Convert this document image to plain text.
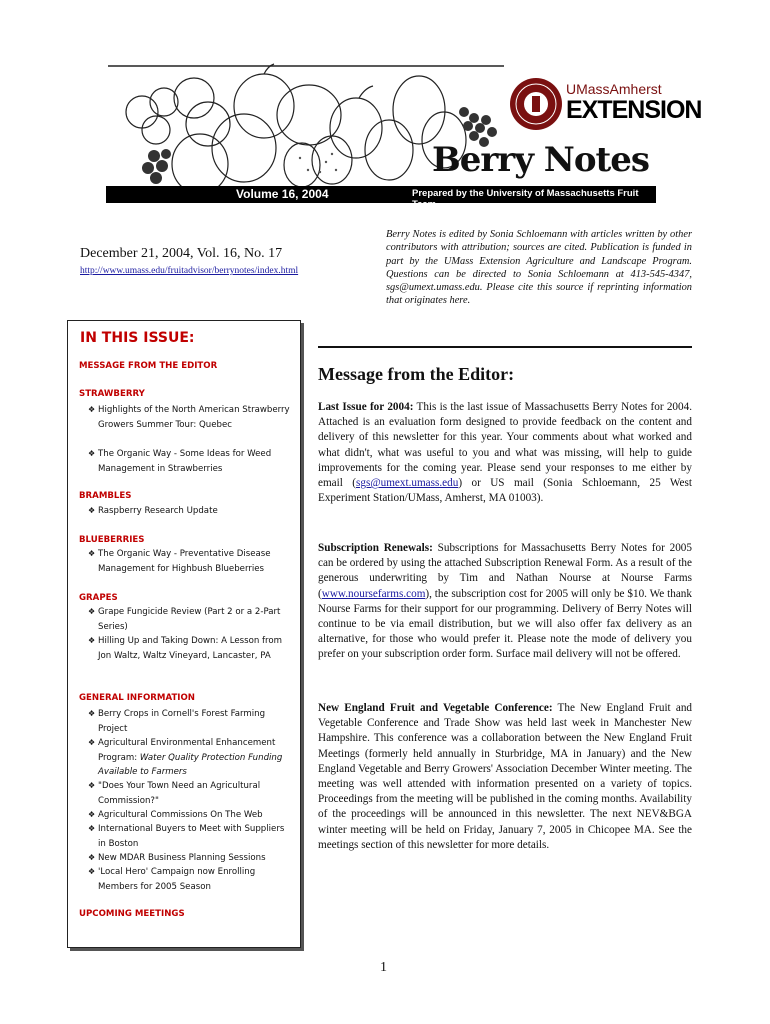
UMassAmherst
EXTENSION
Berry Notes
Volume 16, 2004	Prepared by the University of Massachusetts Fruit Team
December 21, 2004, Vol. 16, No. 17
http://www.umass.edu/fruitadvisor/berrynotes/index.html
Berry Notes is edited by Sonia Schloemann with articles written by other contributors with attribution; sources are cited. Publication is funded in part by the UMass Extension Agriculture and Landscape Program. Questions can be directed to Sonia Schloemann at 413-545-4347, sgs@umext.umass.edu. Please cite this source if reprinting information that originates here.
IN THIS ISSUE:
MESSAGE FROM THE EDITOR
STRAWBERRY
❖ Highlights of the North American Strawberry Growers Summer Tour: Quebec
❖ The Organic Way - Some Ideas for Weed Management in Strawberries
BRAMBLES
❖ Raspberry Research Update
BLUEBERRIES
❖ The Organic Way - Preventative Disease Management for Highbush Blueberries
GRAPES
❖ Grape Fungicide Review (Part 2 or a 2-Part Series)
❖ Hilling Up and Taking Down: A Lesson from Jon Waltz, Waltz Vineyard, Lancaster, PA
GENERAL INFORMATION
❖ Berry Crops in Cornell's Forest Farming Project
❖ Agricultural Environmental Enhancement Program: Water Quality Protection Funding Available to Farmers
❖ "Does Your Town Need an Agricultural Commission?"
❖ Agricultural Commissions On The Web
❖ International Buyers to Meet with Suppliers in Boston
❖ New MDAR Business Planning Sessions
❖ 'Local Hero' Campaign now Enrolling Members for 2005 Season
UPCOMING MEETINGS
Message from the Editor:
Last Issue for 2004: This is the last issue of Massachusetts Berry Notes for 2004. Attached is an evaluation form designed to provide feedback on the content and delivery of this newsletter for this year. Your comments about what worked and what didn't, what was useful to you and what was missing, will help to guide improvements for the coming year. Please send your responses to me either by email (sgs@umext.umass.edu) or US mail (Sonia Schloemann, 25 West Experiment Station/UMass, Amherst, MA 01003).
Subscription Renewals: Subscriptions for Massachusetts Berry Notes for 2005 can be ordered by using the attached Subscription Renewal Form. As a result of the generous underwriting by Tim and Nathan Nourse at Nourse Farms (www.noursefarms.com), the subscription cost for 2005 will only be $10. We thank Nourse Farms for their support for our programming. Delivery of Berry Notes will continue to be via email distribution, but we will also offer fax delivery as an alternative, for those who would prefer it. Please note the mode of delivery you prefer on your subscription order form. Surface mail delivery will not be offered.
New England Fruit and Vegetable Conference: The New England Fruit and Vegetable Conference and Trade Show was held last week in Manchester New Hampshire. This conference was a collaboration between the New England Fruit Meetings (formerly held annually in Sturbridge, MA in January) and the New England Vegetable and Berry Growers' Association December Winter meeting. The meeting was well attended with information presented on a variety of topics. Proceedings from the meeting will be published in the coming months. Availability of the proceedings will be announced in this newsletter. The next NEV&BGA winter meeting will be held on Friday, January 7, 2005 in Chicopee MA. See the meetings section of this newsletter for more details.
1
